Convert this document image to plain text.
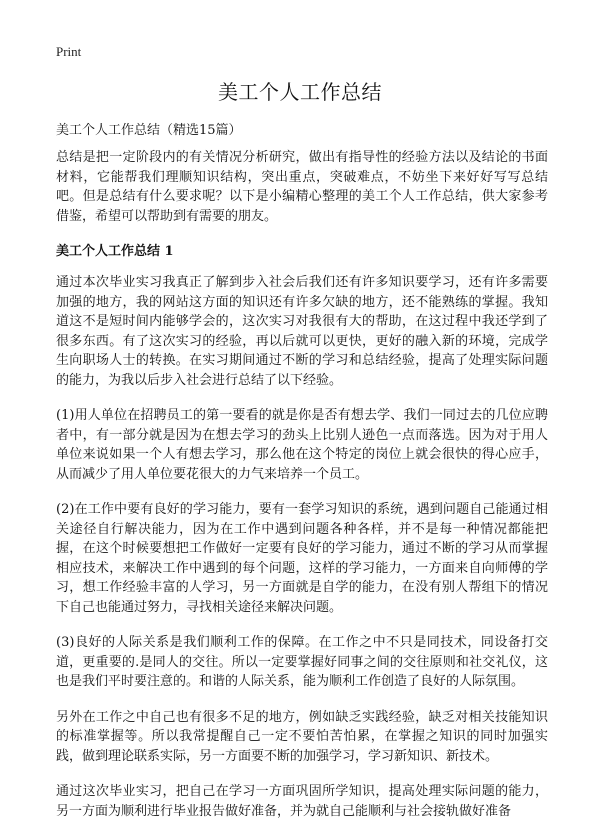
Print
美工个人工作总结

美工个人工作总结（精选15篇）

总结是把一定阶段内的有关情况分析研究，做出有指导性的经验方法以及结论的书面材料，它能帮我们理顺知识结构，突出重点，突破难点，不妨坐下来好好写写总结吧。但是总结有什么要求呢？以下是小编精心整理的美工个人工作总结，供大家参考借鉴，希望可以帮助到有需要的朋友。

美工个人工作总结 1

通过本次毕业实习我真正了解到步入社会后我们还有许多知识要学习，还有许多需要加强的地方，我的网站这方面的知识还有许多欠缺的地方，还不能熟练的掌握。我知道这不是短时间内能够学会的，这次实习对我很有大的帮助，在这过程中我还学到了很多东西。有了这次实习的经验，再以后就可以更快，更好的融入新的环境，完成学生向职场人士的转换。在实习期间通过不断的学习和总结经验，提高了处理实际问题的能力，为我以后步入社会进行总结了以下经验。

(1)用人单位在招聘员工的第一要看的就是你是否有想去学、我们一同过去的几位应聘者中，有一部分就是因为在想去学习的劲头上比别人逊色一点而落选。因为对于用人单位来说如果一个人有想去学习，那么他在这个特定的岗位上就会很快的得心应手，从而减少了用人单位要花很大的力气来培养一个员工。

(2)在工作中要有良好的学习能力，要有一套学习知识的系统，遇到问题自己能通过相关途径自行解决能力，因为在工作中遇到问题各种各样，并不是每一种情况都能把握，在这个时候要想把工作做好一定要有良好的学习能力，通过不断的学习从而掌握相应技术，来解决工作中遇到的每个问题，这样的学习能力，一方面来自向师傅的学习，想工作经验丰富的人学习，另一方面就是自学的能力，在没有别人帮组下的情况下自己也能通过努力，寻找相关途径来解决问题。

(3)良好的人际关系是我们顺利工作的保障。在工作之中不只是同技术，同设备打交道，更重要的.是同人的交往。所以一定要掌握好同事之间的交往原则和社交礼仪，这也是我们平时要注意的。和谐的人际关系，能为顺利工作创造了良好的人际氛围。

另外在工作之中自己也有很多不足的地方，例如缺乏实践经验，缺乏对相关技能知识的标准掌握等。所以我常提醒自己一定不要怕苦怕累，在掌握之知识的同时加强实践，做到理论联系实际，另一方面要不断的加强学习，学习新知识、新技术。

通过这次毕业实习，把自己在学习一方面巩固所学知识，提高处理实际问题的能力，另一方面为顺利进行毕业报告做好准备，并为就自己能顺利与社会接轨做好准备
